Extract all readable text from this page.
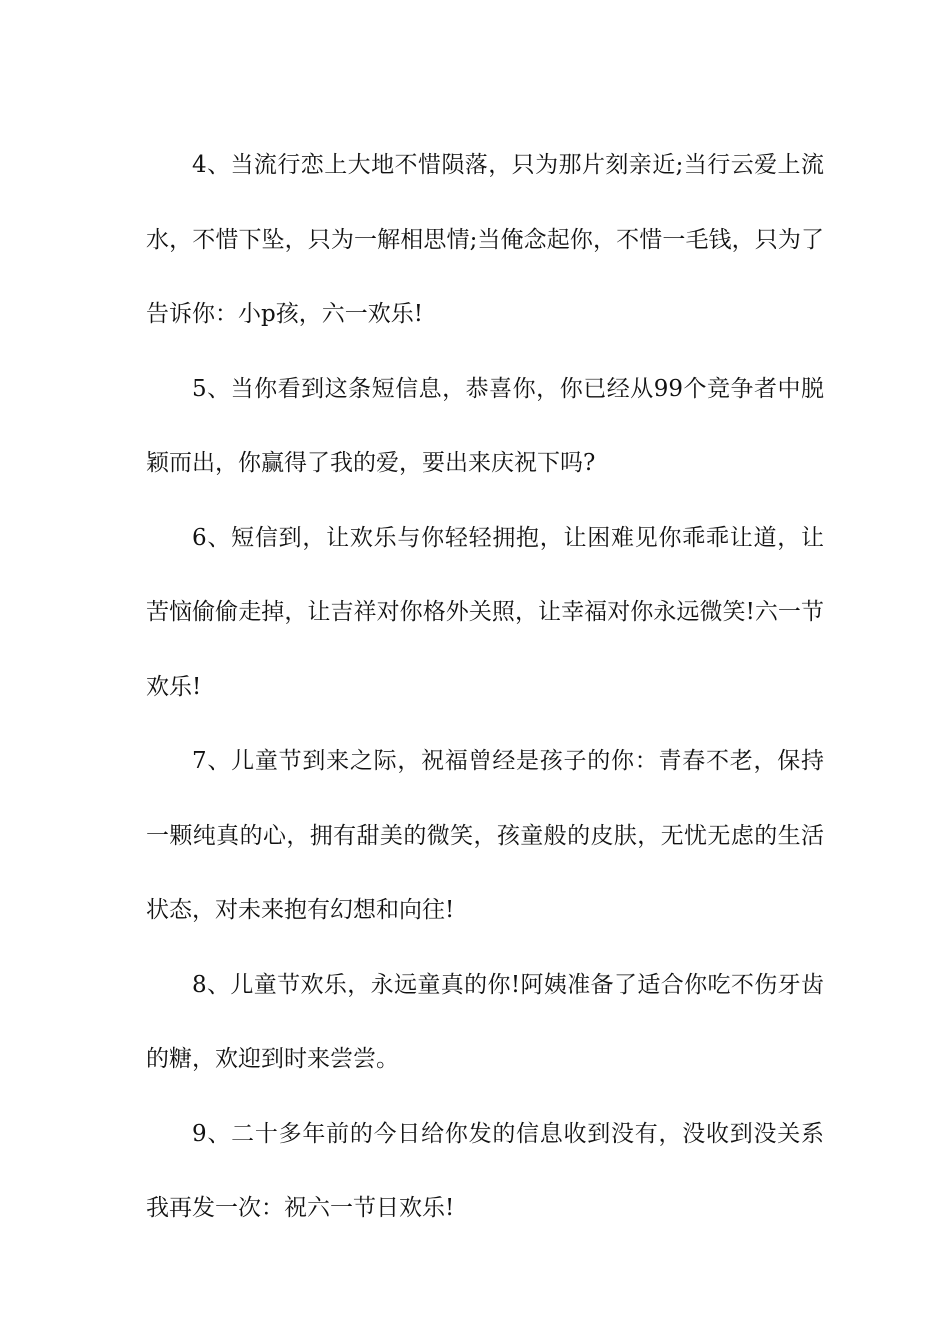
4、当流行恋上大地不惜陨落，只为那片刻亲近;当行云爱上流水，不惜下坠，只为一解相思情;当俺念起你，不惜一毛钱，只为了告诉你：小p孩，六一欢乐!

5、当你看到这条短信息，恭喜你，你已经从99个竞争者中脱颖而出，你赢得了我的爱，要出来庆祝下吗?

6、短信到，让欢乐与你轻轻拥抱，让困难见你乖乖让道，让苦恼偷偷走掉，让吉祥对你格外关照，让幸福对你永远微笑!六一节欢乐!

7、儿童节到来之际，祝福曾经是孩子的你：青春不老，保持一颗纯真的心，拥有甜美的微笑，孩童般的皮肤，无忧无虑的生活状态，对未来抱有幻想和向往!

8、儿童节欢乐，永远童真的你!阿姨准备了适合你吃不伤牙齿的糖，欢迎到时来尝尝。

9、二十多年前的今日给你发的信息收到没有，没收到没关系我再发一次：祝六一节日欢乐!
